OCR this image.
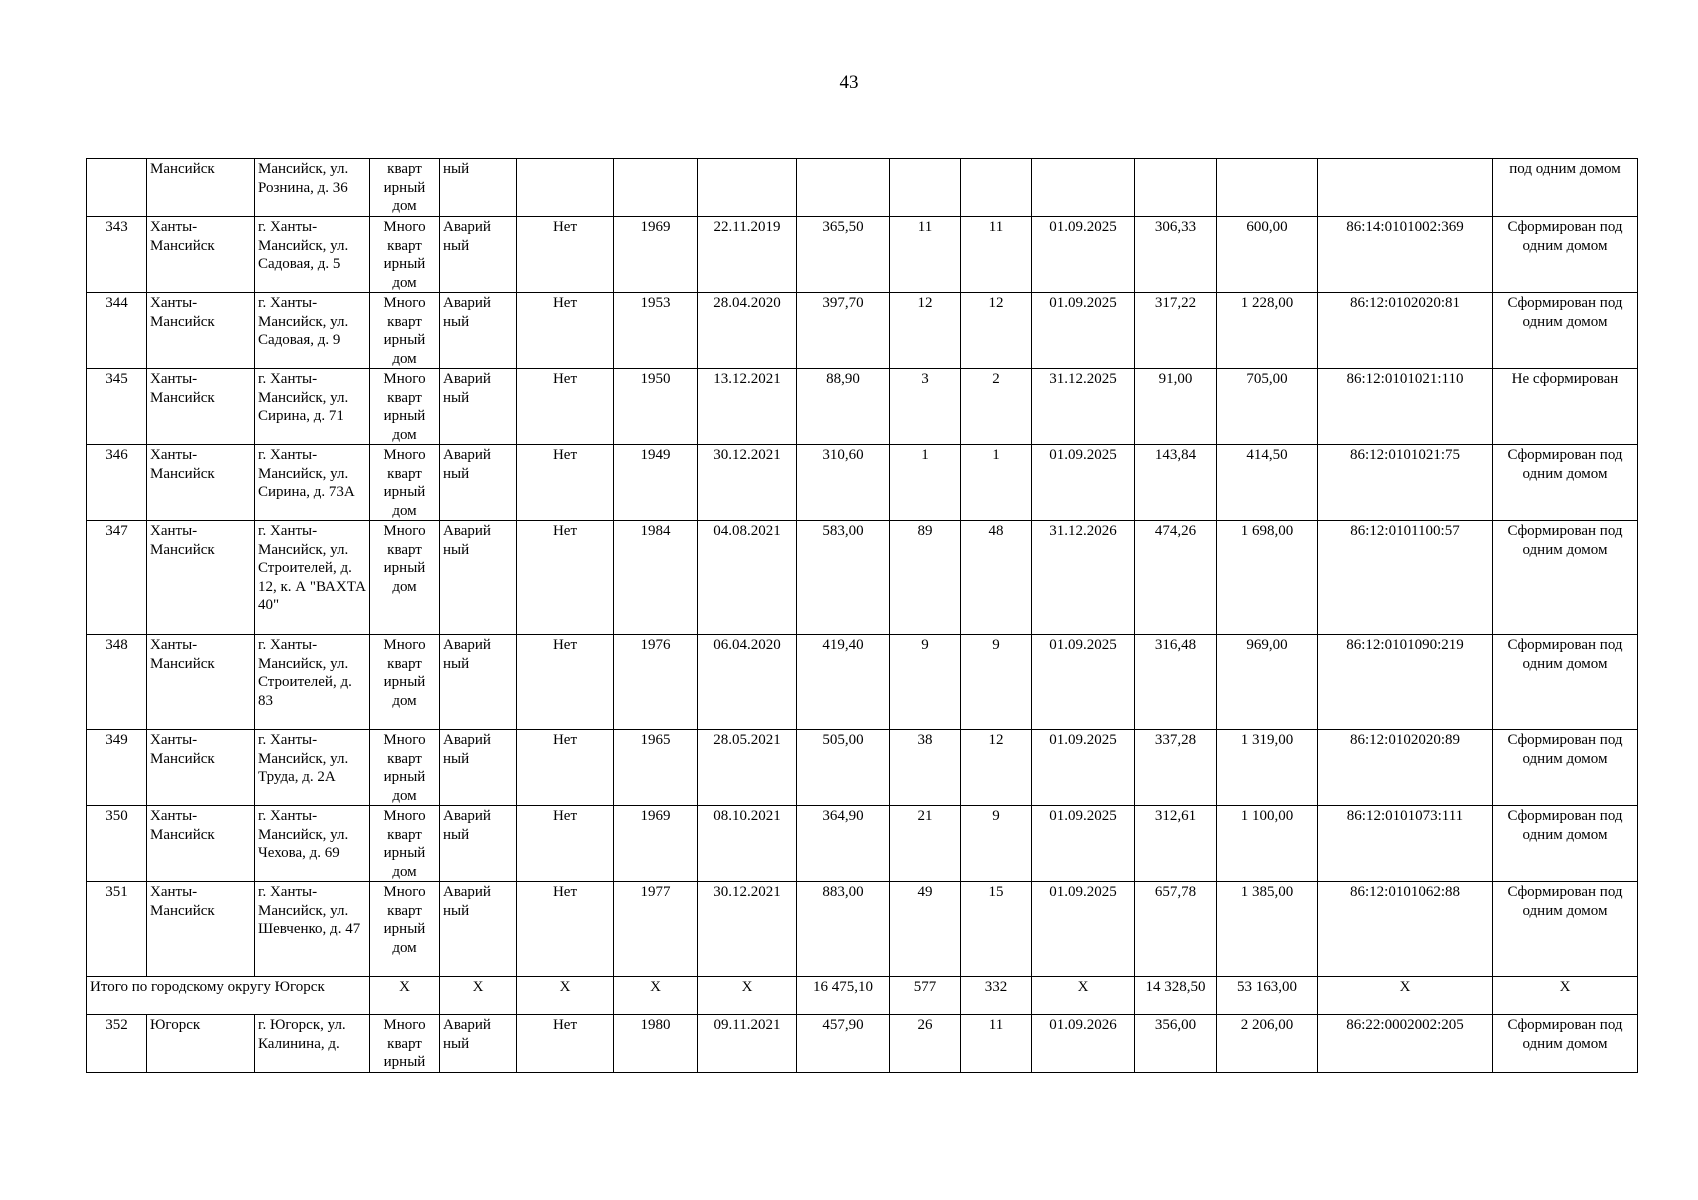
43
	Мансийск	Мансийск, ул. Рознина, д. 36	кварт ирный дом	ный											под одним домом

343	Ханты-Мансийск	г. Ханты-Мансийск, ул. Садовая, д. 5	Много кварт ирный дом	Аварий ный	Нет	1969	22.11.2019	365,50	11	11	01.09.2025	306,33	600,00	86:14:0101002:369	Сформирован под одним домом

344	Ханты-Мансийск	г. Ханты-Мансийск, ул. Садовая, д. 9	Много кварт ирный дом	Аварий ный	Нет	1953	28.04.2020	397,70	12	12	01.09.2025	317,22	1 228,00	86:12:0102020:81	Сформирован под одним домом

345	Ханты-Мансийск	г. Ханты-Мансийск, ул. Сирина, д. 71	Много кварт ирный дом	Аварий ный	Нет	1950	13.12.2021	88,90	3	2	31.12.2025	91,00	705,00	86:12:0101021:110	Не сформирован

346	Ханты-Мансийск	г. Ханты-Мансийск, ул. Сирина, д. 73А	Много кварт ирный дом	Аварий ный	Нет	1949	30.12.2021	310,60	1	1	01.09.2025	143,84	414,50	86:12:0101021:75	Сформирован под одним домом

347	Ханты-Мансийск	г. Ханты-Мансийск, ул. Строителей, д. 12, к. А "ВАХТА 40"	Много кварт ирный дом	Аварий ный	Нет	1984	04.08.2021	583,00	89	48	31.12.2026	474,26	1 698,00	86:12:0101100:57	Сформирован под одним домом

348	Ханты-Мансийск	г. Ханты-Мансийск, ул. Строителей, д. 83	Много кварт ирный дом	Аварий ный	Нет	1976	06.04.2020	419,40	9	9	01.09.2025	316,48	969,00	86:12:0101090:219	Сформирован под одним домом

349	Ханты-Мансийск	г. Ханты-Мансийск, ул. Труда, д. 2А	Много кварт ирный дом	Аварий ный	Нет	1965	28.05.2021	505,00	38	12	01.09.2025	337,28	1 319,00	86:12:0102020:89	Сформирован под одним домом

350	Ханты-Мансийск	г. Ханты-Мансийск, ул. Чехова, д. 69	Много кварт ирный дом	Аварий ный	Нет	1969	08.10.2021	364,90	21	9	01.09.2025	312,61	1 100,00	86:12:0101073:111	Сформирован под одним домом

351	Ханты-Мансийск	г. Ханты-Мансийск, ул. Шевченко, д. 47	Много кварт ирный дом	Аварий ный	Нет	1977	30.12.2021	883,00	49	15	01.09.2025	657,78	1 385,00	86:12:0101062:88	Сформирован под одним домом

Итого по городскому округу Югорск			Х	Х	Х	Х	Х	16 475,10	577	332	Х	14 328,50	53 163,00	Х	Х

352	Югорск	г. Югорск, ул. Калинина, д.	Много кварт ирный	Аварий ный	Нет	1980	09.11.2021	457,90	26	11	01.09.2026	356,00	2 206,00	86:22:0002002:205	Сформирован под одним домом
